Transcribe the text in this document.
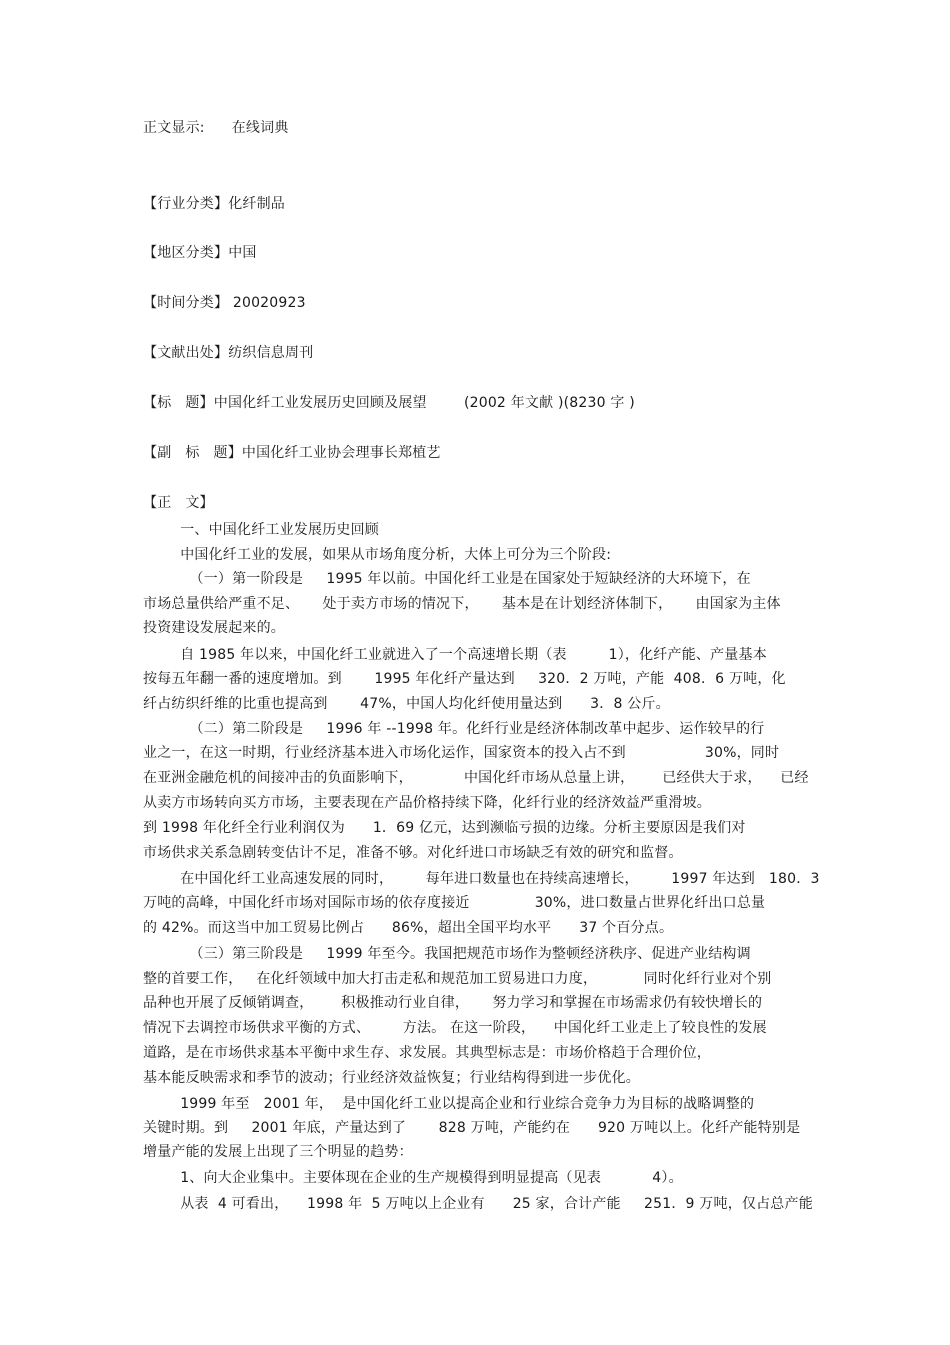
正文显示: 在线词典
【行业分类】化纤制品
【地区分类】中国
【时间分类】 20020923
【文献出处】纺织信息周刊
【标   题】中国化纤工业发展历史回顾及展望        (2002 年文献 )(8230 字 )
【副   标   题】中国化纤工业协会理事长郑植艺
【正   文】
一、中国化纤工业发展历史回顾
中国化纤工业的发展，如果从市场角度分析，大体上可分为三个阶段:
（一）第一阶段是     1995 年以前。中国化纤工业是在国家处于短缺经济的大环境下，在
市场总量供给严重不足、     处于卖方市场的情况下，     基本是在计划经济体制下，     由国家为主体
投资建设发展起来的。
自 1985 年以来，中国化纤工业就进入了一个高速增长期（表         1），化纤产能、产量基本
按每五年翻一番的速度增加。到       1995 年化纤产量达到     320．2 万吨，产能  408．6 万吨，化
纤占纺织纤维的比重也提高到       47%，中国人均化纤使用量达到      3．8 公斤。
（二）第二阶段是     1996 年 --1998 年。化纤行业是经济体制改革中起步、运作较早的行
业之一，在这一时期，行业经济基本进入市场化运作，国家资本的投入占不到                 30%，同时
在亚洲金融危机的间接冲击的负面影响下，           中国化纤市场从总量上讲，      已经供大于求，    已经
从卖方市场转向买方市场，主要表现在产品价格持续下降，化纤行业的经济效益严重滑坡。
到 1998 年化纤全行业利润仅为      1．69 亿元，达到濒临亏损的边缘。分析主要原因是我们对
市场供求关系急剧转变估计不足，准备不够。对化纤进口市场缺乏有效的研究和监督。
在中国化纤工业高速发展的同时，       每年进口数量也在持续高速增长，       1997 年达到   180．3
万吨的高峰，中国化纤市场对国际市场的依存度接近              30%，进口数量占世界化纤出口总量
的 42%。而这当中加工贸易比例占      86%，超出全国平均水平      37 个百分点。
（三）第三阶段是     1999 年至今。我国把规范市场作为整顿经济秩序、促进产业结构调
整的首要工作，   在化纤领域中加大打击走私和规范加工贸易进口力度，          同时化纤行业对个别
品种也开展了反倾销调查，      积极推动行业自律，     努力学习和掌握在市场需求仍有较快增长的
情况下去调控市场供求平衡的方式、       方法。 在这一阶段，    中国化纤工业走上了较良性的发展
道路，是在市场供求基本平衡中求生存、求发展。其典型标志是：市场价格趋于合理价位，
基本能反映需求和季节的波动；行业经济效益恢复；行业结构得到进一步优化。
1999 年至   2001 年，  是中国化纤工业以提高企业和行业综合竞争力为目标的战略调整的
关键时期。到     2001 年底，产量达到了       828 万吨，产能约在      920 万吨以上。化纤产能特别是
增量产能的发展上出现了三个明显的趋势：
1、向大企业集中。主要体现在企业的生产规模得到明显提高（见表           4）。
从表  4 可看出，    1998 年  5 万吨以上企业有      25 家，合计产能     251．9 万吨，仅占总产能
